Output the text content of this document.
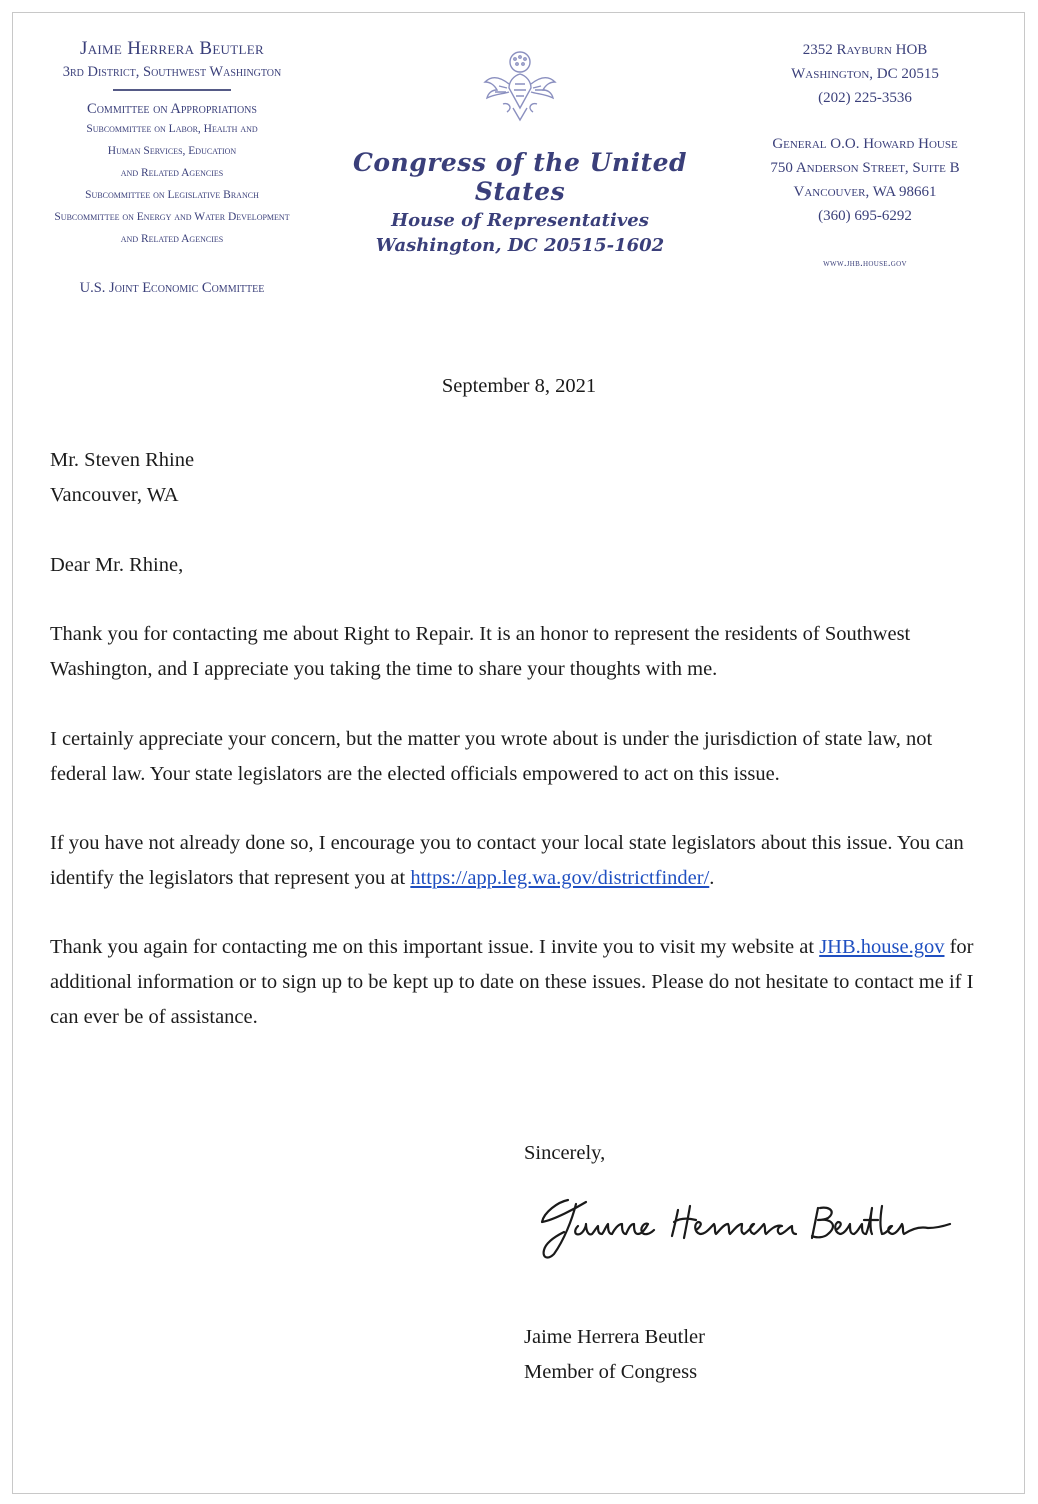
Jaime Herrera Beutler
3rd District, Southwest Washington
Committee on Appropriations
Subcommittee on Labor, Health and
Human Services, Education
and Related Agencies
Subcommittee on Legislative Branch
Subcommittee on Energy and Water Development
and Related Agencies
U.S. Joint Economic Committee
Congress of the United States
House of Representatives
Washington, DC 20515-1602
2352 Rayburn HOB
Washington, DC 20515
(202) 225-3536
General O.O. Howard House
750 Anderson Street, Suite B
Vancouver, WA 98661
(360) 695-6292
www.jhb.house.gov
September 8, 2021
Mr. Steven Rhine
Vancouver, WA
Dear Mr. Rhine,
Thank you for contacting me about Right to Repair. It is an honor to represent the residents of Southwest Washington, and I appreciate you taking the time to share your thoughts with me.
I certainly appreciate your concern, but the matter you wrote about is under the jurisdiction of state law, not federal law. Your state legislators are the elected officials empowered to act on this issue.
If you have not already done so, I encourage you to contact your local state legislators about this issue. You can identify the legislators that represent you at https://app.leg.wa.gov/districtfinder/.
Thank you again for contacting me on this important issue. I invite you to visit my website at JHB.house.gov for additional information or to sign up to be kept up to date on these issues. Please do not hesitate to contact me if I can ever be of assistance.
Sincerely,
Jaime Herrera Beutler
Member of Congress
